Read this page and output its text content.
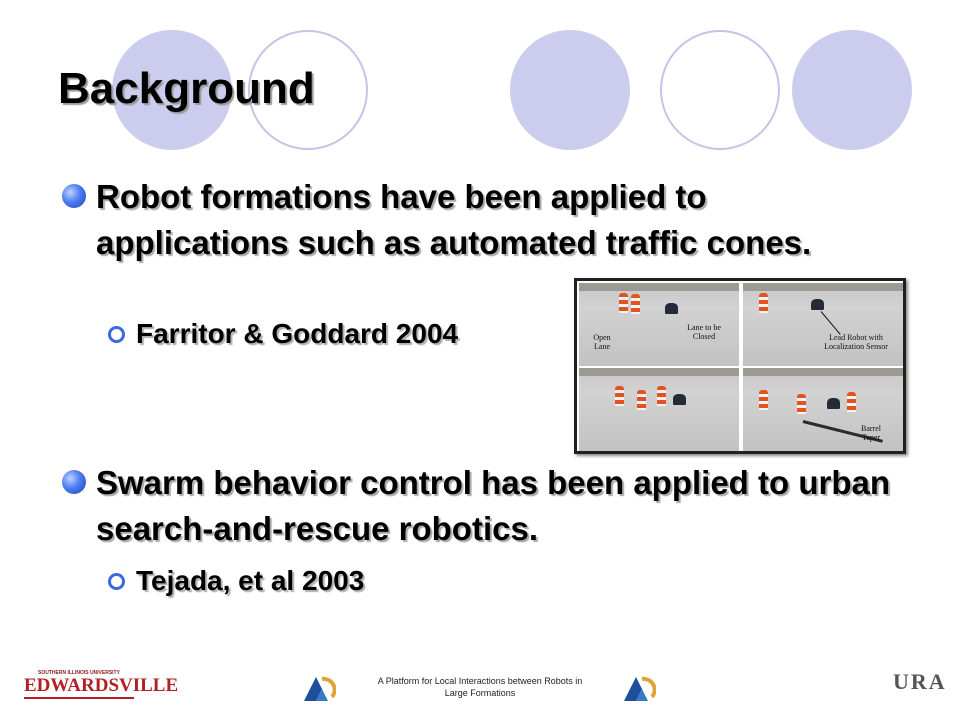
Background
Robot formations have been applied to applications such as automated traffic cones.
Farritor & Goddard 2004
Swarm behavior control has been applied to urban search-and-rescue robotics.
Tejada, et al 2003
Open Lane
Lane to be Closed	Lead Robot with Localization Sensor
Barrel Taper
SOUTHERN ILLINOIS UNIVERSITY
EDWARDSVILLE	A Platform for Local Interactions between Robots in Large Formations	URA
